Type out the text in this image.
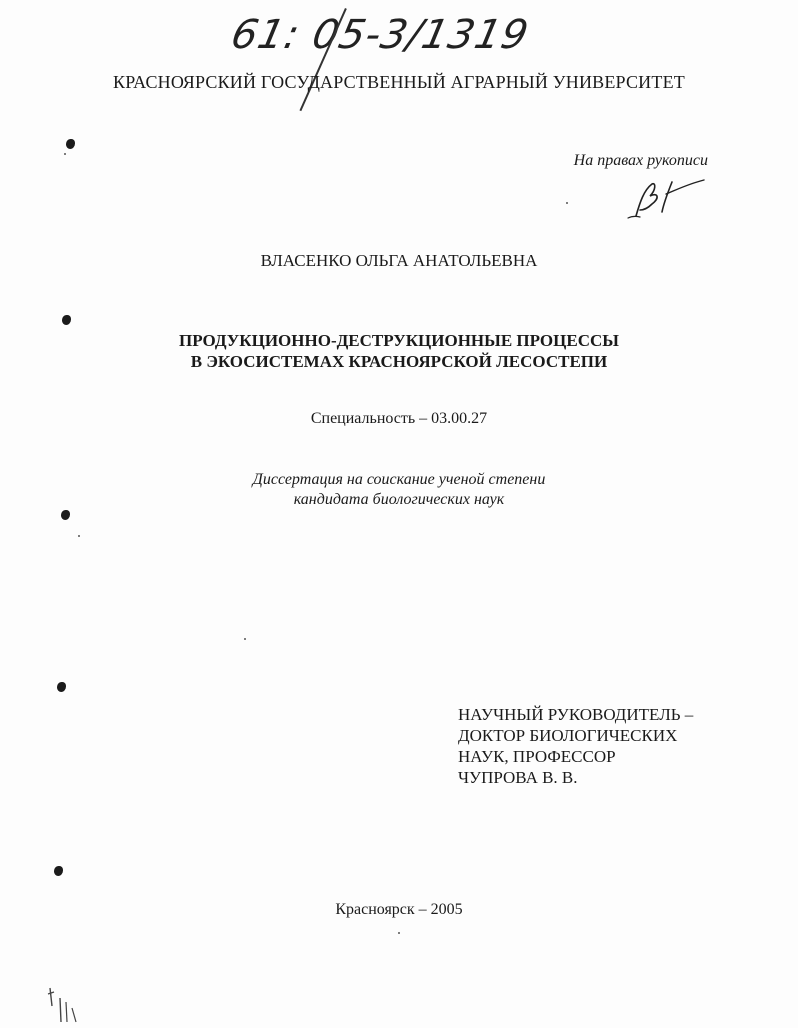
61: 05-3/1319
КРАСНОЯРСКИЙ ГОСУДАРСТВЕННЫЙ АГРАРНЫЙ УНИВЕРСИТЕТ
На правах рукописи
ВЛАСЕНКО ОЛЬГА АНАТОЛЬЕВНА
ПРОДУКЦИОННО-ДЕСТРУКЦИОННЫЕ ПРОЦЕССЫ
В ЭКОСИСТЕМАХ КРАСНОЯРСКОЙ ЛЕСОСТЕПИ
Специальность – 03.00.27
Диссертация на соискание ученой степени
кандидата биологических наук
НАУЧНЫЙ РУКОВОДИТЕЛЬ –
ДОКТОР БИОЛОГИЧЕСКИХ
НАУК, ПРОФЕССОР
ЧУПРОВА В. В.
Красноярск – 2005
